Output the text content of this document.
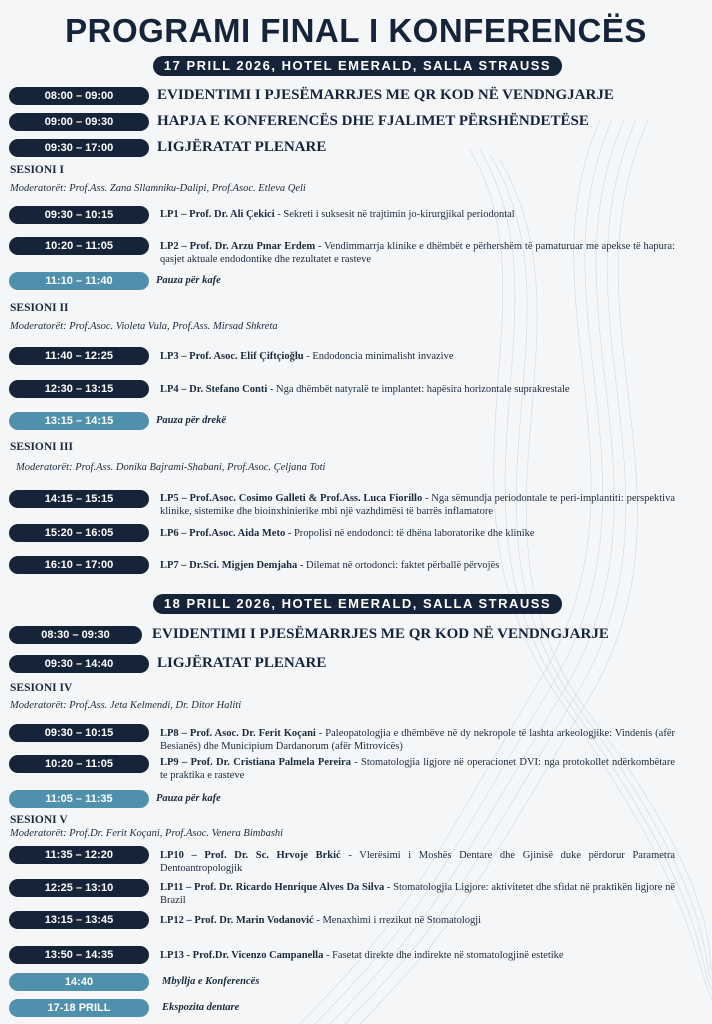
PROGRAMI FINAL I KONFERENCËS
17 PRILL 2026, HOTEL EMERALD, SALLA STRAUSS
08:00 – 09:00	EVIDENTIMI I PJESËMARRJES ME QR KOD NË VENDNGJARJE
09:00 – 09:30	HAPJA E KONFERENCËS DHE FJALIMET PËRSHËNDETËSE
09:30 – 17:00	LIGJËRATAT PLENARE
SESIONI I
Moderatorët: Prof.Ass. Zana Sllamniku-Dalipi, Prof.Asoc. Etleva Qeli
09:30 – 10:15	LP1 – Prof. Dr. Ali Çekici - Sekreti i suksesit në trajtimin jo-kirurgjikal periodontal
10:20 – 11:05	LP2 – Prof. Dr. Arzu Pınar Erdem - Vendimmarrja klinike e dhëmbët e përhershëm të pamaturuar me apekse të hapura: qasjet aktuale endodontike dhe rezultatet e rasteve
11:10 – 11:40	Pauza për kafe
SESIONI II
Moderatorët: Prof.Asoc. Violeta Vula, Prof.Ass. Mirsad Shkreta
11:40 – 12:25	LP3 – Prof. Asoc. Elif Çiftçioğlu - Endodoncia minimalisht invazive
12:30 – 13:15	LP4 – Dr. Stefano Conti - Nga dhëmbët natyralë te implantet: hapësira horizontale suprakrestale
13:15 – 14:15	Pauza për drekë
SESIONI III
Moderatorët: Prof.Ass. Donika Bajrami-Shabani, Prof.Asoc. Çeljana Toti
14:15 – 15:15	LP5 – Prof.Asoc. Cosimo Galleti & Prof.Ass. Luca Fiorillo - Nga sëmundja periodontale te peri-implantiti: perspektiva klinike, sistemike dhe bioinxhinierike mbi një vazhdimësi të barrës inflamatore
15:20 – 16:05	LP6 – Prof.Asoc. Aida Meto - Propolisi në endodonci: të dhëna laboratorike dhe klinike
16:10 – 17:00	LP7 – Dr.Sci. Migjen Demjaha - Dilemat në ortodonci: faktet përballë përvojës
18 PRILL 2026, HOTEL EMERALD, SALLA STRAUSS
08:30 – 09:30	EVIDENTIMI I PJESËMARRJES ME QR KOD NË VENDNGJARJE
09:30 – 14:40	LIGJËRATAT PLENARE
SESIONI IV
Moderatorët: Prof.Ass. Jeta Kelmendi, Dr. Ditor Haliti
09:30 – 10:15	LP8 – Prof. Asoc. Dr. Ferit Koçani - Paleopatologjia e dhëmbëve në dy nekropole të lashta arkeologjike: Vindenis (afër Besianës) dhe Municipium Dardanorum (afër Mitrovicës)
10:20 – 11:05	LP9 – Prof. Dr. Cristiana Palmela Pereira - Stomatologjia ligjore në operacionet DVI: nga protokollet ndërkombëtare te praktika e rasteve
11:05 – 11:35	Pauza për kafe
SESIONI V
Moderatorët: Prof.Dr. Ferit Koçani, Prof.Asoc. Venera Bimbashi
11:35 – 12:20	LP10 – Prof. Dr. Sc. Hrvoje Brkić - Vlerësimi i Moshës Dentare dhe Gjinisë duke përdorur Parametra Dentoantropologjik
12:25 – 13:10	LP11 – Prof. Dr. Ricardo Henrique Alves Da Silva - Stomatologjia Ligjore: aktivitetet dhe sfidat në praktikën ligjore në Brazil
13:15 – 13:45	LP12 – Prof. Dr. Marin Vodanović - Menaxhimi i rrezikut në Stomatologji
13:50 – 14:35	LP13 - Prof.Dr. Vicenzo Campanella - Fasetat direkte dhe indirekte në stomatologjinë estetike
14:40	Mbyllja e Konferencës
17-18 PRILL	Ekspozita dentare
